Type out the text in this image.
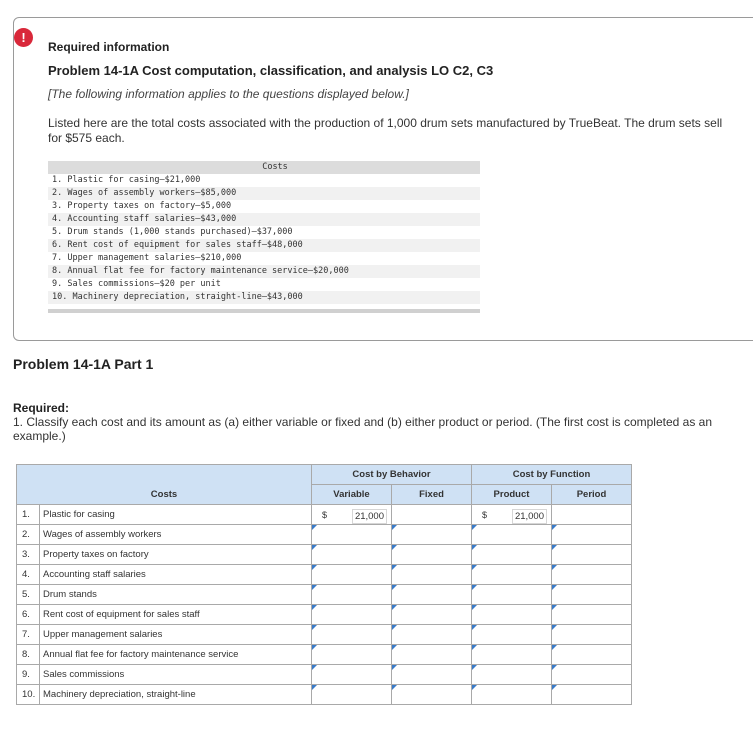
!
Required information
Problem 14-1A Cost computation, classification, and analysis LO C2, C3
[The following information applies to the questions displayed below.]
Listed here are the total costs associated with the production of 1,000 drum sets manufactured by TrueBeat. The drum sets sell for $575 each.
Costs
1. Plastic for casing–$21,000
2. Wages of assembly workers–$85,000
3. Property taxes on factory–$5,000
4. Accounting staff salaries–$43,000
5. Drum stands (1,000 stands purchased)–$37,000
6. Rent cost of equipment for sales staff–$48,000
7. Upper management salaries–$210,000
8. Annual flat fee for factory maintenance service–$20,000
9. Sales commissions–$20 per unit
10. Machinery depreciation, straight-line–$43,000
Problem 14-1A Part 1
Required:
1. Classify each cost and its amount as (a) either variable or fixed and (b) either product or period. (The first cost is completed as an example.)
Costs		Cost by Behavior		Cost by Function	
		Variable	Fixed	Product	Period
1.	Plastic for casing	$ 21,000		$ 21,000	

2.	Wages of assembly workers				
3.	Property taxes on factory				
4.	Accounting staff salaries				
5.	Drum stands				
6.	Rent cost of equipment for sales staff				
7.	Upper management salaries				
8.	Annual flat fee for factory maintenance service				
9.	Sales commissions				
10.	Machinery depreciation, straight-line				
